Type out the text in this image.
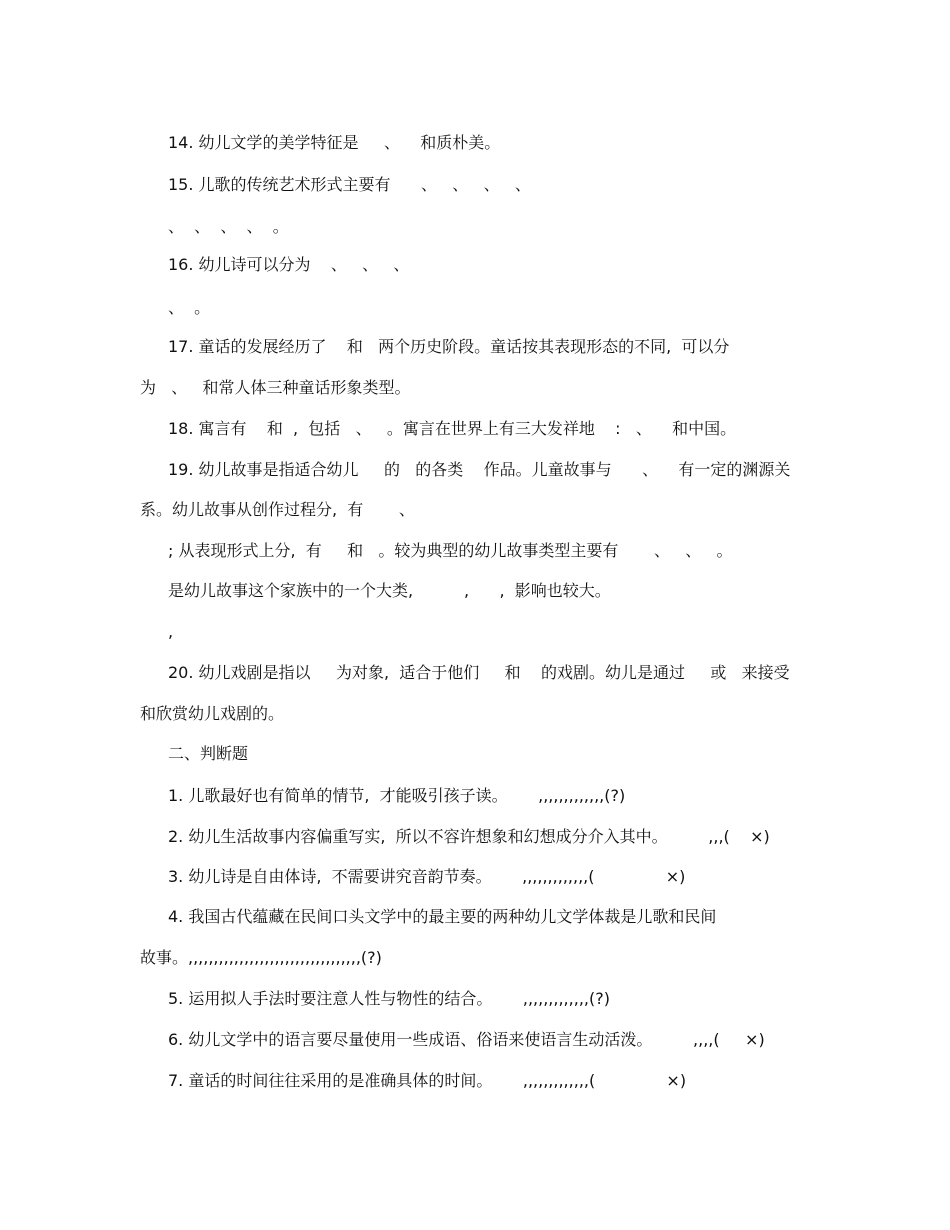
14. 幼儿文学的美学特征是     、    和质朴美。
15. 儿歌的传统艺术形式主要有      、   、   、   、
、  、  、  、  。
16. 幼儿诗可以分为    、   、   、
、  。
17. 童话的发展经历了    和   两个历史阶段。童话按其表现形态的不同,  可以分
为   、   和常人体三种童话形象类型。
18. 寓言有    和  ,  包括   、   。寓言在世界上有三大发祥地    :   、    和中国。
19. 幼儿故事是指适合幼儿     的   的各类    作品。儿童故事与      、    有一定的渊源关
系。幼儿故事从创作过程分,  有       、
; 从表现形式上分,  有     和   。较为典型的幼儿故事类型主要有       、   、   。
是幼儿故事这个家族中的一个大类,          ,      ,  影响也较大。
,
20. 幼儿戏剧是指以     为对象,  适合于他们     和    的戏剧。幼儿是通过     或   来接受
和欣赏幼儿戏剧的。
二、判断题
1. 儿歌最好也有简单的情节,  才能吸引孩子读。      ,,,,,,,,,,,,,(?)
2. 幼儿生活故事内容偏重写实,  所以不容许想象和幻想成分介入其中。        ,,,(    ×)
3. 幼儿诗是自由体诗,  不需要讲究音韵节奏。      ,,,,,,,,,,,,,(              ×)
4. 我国古代蕴藏在民间口头文学中的最主要的两种幼儿文学体裁是儿歌和民间
故事。,,,,,,,,,,,,,,,,,,,,,,,,,,,,,,,,,,(?)
5. 运用拟人手法时要注意人性与物性的结合。      ,,,,,,,,,,,,,(?)
6. 幼儿文学中的语言要尽量使用一些成语、俗语来使语言生动活泼。        ,,,,(     ×)
7. 童话的时间往往采用的是准确具体的时间。      ,,,,,,,,,,,,,(              ×)
